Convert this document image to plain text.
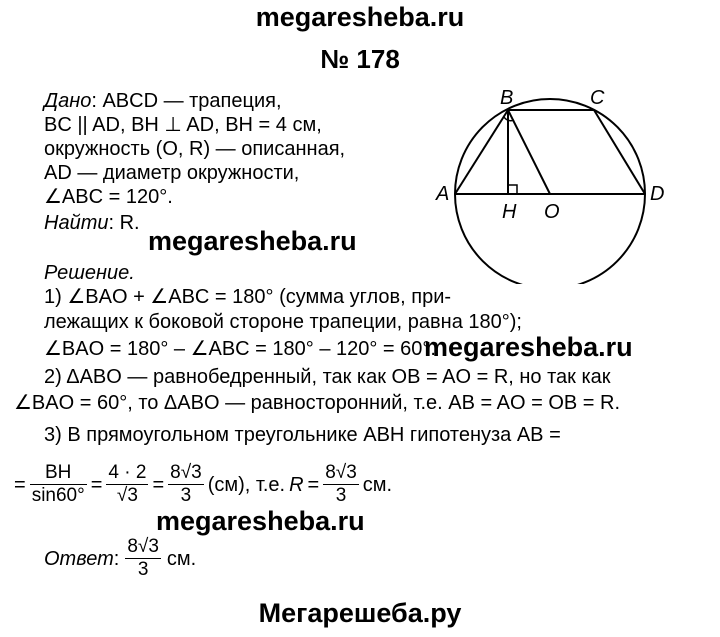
megaresheba.ru
№ 178
Дано: ABCD — трапеция,
BC || AD, BH ⊥ AD, BH = 4 см,
окружность (O, R) — описанная,
AD — диаметр окружности,
∠ABC = 120°.
Найти: R.
megaresheba.ru
Решение.
1) ∠BAO + ∠ABC = 180° (сумма углов, при-
лежащих к боковой стороне трапеции, равна 180°);
∠BAO = 180° – ∠ABC = 180° – 120° = 60°.
megaresheba.ru
2) ΔABO — равнобедренный, так как OB = AO = R, но так как
∠BAO = 60°, то ΔABO — равносторонний, т.е. AB = AO = OB = R.
3) В прямоугольном треугольнике ABH гипотенуза AB =
= $\frac{BH}{\sin 60^\circ} = \frac{4 \cdot 2}{√3} = \frac{8√3}{3} (см)$, т.е. $R = \frac{8√3}{3}$ см.
megaresheba.ru
Ответ: $\frac{8√3}{3}$ см.
Мегарешеба.ру
B	C
A	D
H O
